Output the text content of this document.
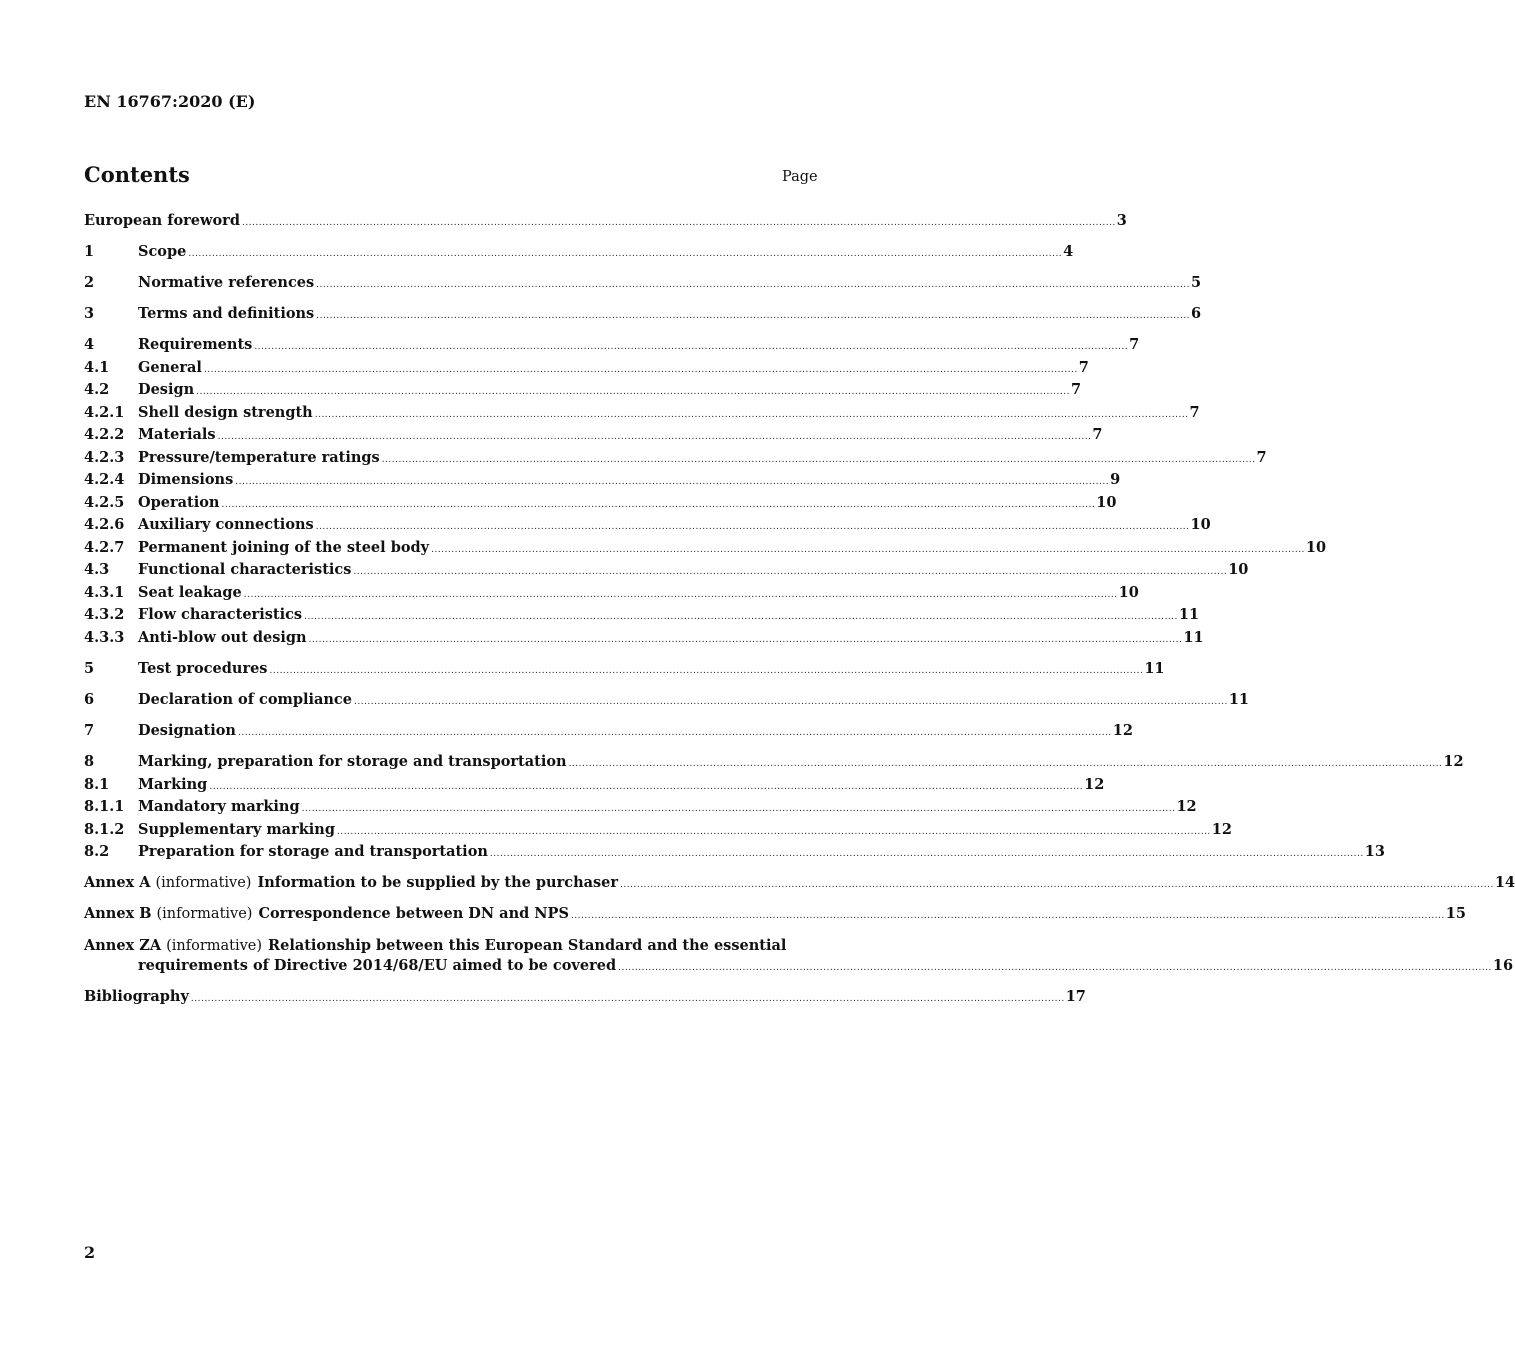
EN 16767:2020 (E)
Contents	Page
European foreword .................................................................................................................................................................................................................................................................... 3
1	Scope .................................................................................................................................................................................................................................................................... 4
2	Normative references .................................................................................................................................................................................................................................................................... 5
3	Terms and definitions .................................................................................................................................................................................................................................................................... 6
4	Requirements .................................................................................................................................................................................................................................................................... 7
4.1	General .................................................................................................................................................................................................................................................................... 7
4.2	Design .................................................................................................................................................................................................................................................................... 7
4.2.1 Shell design strength .................................................................................................................................................................................................................................................................... 7
4.2.2 Materials .................................................................................................................................................................................................................................................................... 7
4.2.3 Pressure/temperature ratings .................................................................................................................................................................................................................................................................... 7
4.2.4 Dimensions .................................................................................................................................................................................................................................................................... 9
4.2.5 Operation .................................................................................................................................................................................................................................................................... 10
4.2.6 Auxiliary connections .................................................................................................................................................................................................................................................................... 10
4.2.7 Permanent joining of the steel body .................................................................................................................................................................................................................................................................... 10
4.3	Functional characteristics .................................................................................................................................................................................................................................................................... 10
4.3.1 Seat leakage .................................................................................................................................................................................................................................................................... 10
4.3.2 Flow characteristics .................................................................................................................................................................................................................................................................... 11
4.3.3 Anti-blow out design .................................................................................................................................................................................................................................................................... 11
5	Test procedures .................................................................................................................................................................................................................................................................... 11
6	Declaration of compliance .................................................................................................................................................................................................................................................................... 11
7	Designation .................................................................................................................................................................................................................................................................... 12
8	Marking, preparation for storage and transportation .................................................................................................................................................................................................................................................................... 12
8.1	Marking .................................................................................................................................................................................................................................................................... 12
8.1.1 Mandatory marking .................................................................................................................................................................................................................................................................... 12
8.1.2 Supplementary marking .................................................................................................................................................................................................................................................................... 12
8.2	Preparation for storage and transportation .................................................................................................................................................................................................................................................................... 13
Annex A (informative) Information to be supplied by the purchaser .................................................................................................................................................................................................................................................................... 14
Annex B (informative) Correspondence between DN and NPS .................................................................................................................................................................................................................................................................... 15
Annex ZA (informative) Relationship between this European Standard and the essential
requirements of Directive 2014/68/EU aimed to be covered .................................................................................................................................................................................................................................................................... 16
Bibliography .................................................................................................................................................................................................................................................................... 17
2
